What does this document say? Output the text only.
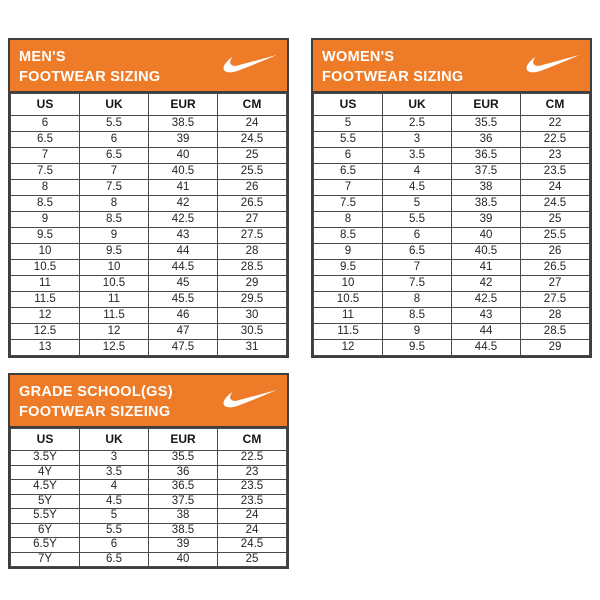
MEN'S
FOOTWEAR SIZING
US	UK	EUR	CM
6	5.5	38.5	24
6.5	6	39	24.5
7	6.5	40	25
7.5	7	40.5	25.5
8	7.5	41	26
8.5	8	42	26.5
9	8.5	42.5	27
9.5	9	43	27.5
10	9.5	44	28
10.5	10	44.5	28.5
11	10.5	45	29
11.5	11	45.5	29.5
12	11.5	46	30
12.5	12	47	30.5
13	12.5	47.5	31
WOMEN'S
FOOTWEAR SIZING
US	UK	EUR	CM
5	2.5	35.5	22
5.5	3	36	22.5
6	3.5	36.5	23
6.5	4	37.5	23.5
7	4.5	38	24
7.5	5	38.5	24.5
8	5.5	39	25
8.5	6	40	25.5
9	6.5	40.5	26
9.5	7	41	26.5
10	7.5	42	27
10.5	8	42.5	27.5
11	8.5	43	28
11.5	9	44	28.5
12	9.5	44.5	29
GRADE SCHOOL(GS)
FOOTWEAR SIZEING
US	UK	EUR	CM
3.5Y	3	35.5	22.5
4Y	3.5	36	23
4.5Y	4	36.5	23.5
5Y	4.5	37.5	23.5
5.5Y	5	38	24
6Y	5.5	38.5	24
6.5Y	6	39	24.5
7Y	6.5	40	25
